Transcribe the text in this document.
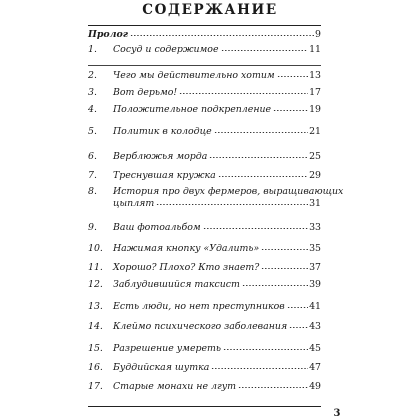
СОДЕРЖАНИЕ
Пролог	9
1. Сосуд и содержимое	11
2. Чего мы действительно хотим	13
3. Вот дерьмо!	17
4. Положительное подкрепление	19
5. Политик в колодце	21
6. Верблюжья морда	25
7. Треснувшая кружка	29
8. История про двух фермеров, выращивающих
цыплят	31
9. Ваш фотоальбом	33
10. Нажимая кнопку «Удалить»	35
11. Хорошо? Плохо? Кто знает?	37
12. Заблудившийся таксист	39
13. Есть люди, но нет преступников	41
14. Клеймо психического заболевания 43
15. Разрешение умереть	45
16. Буддийская шутка	47
17. Старые монахи не лгут	49
3
